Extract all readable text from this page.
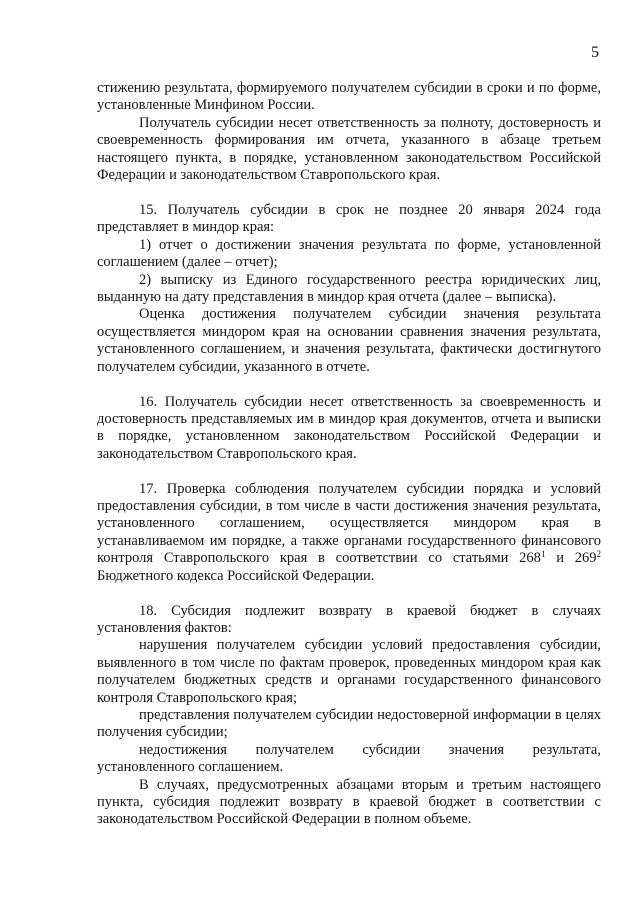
5

стижению результата, формируемого получателем субсидии в сроки и по форме, установленные Минфином России.

Получатель субсидии несет ответственность за полноту, достоверность и своевременность формирования им отчета, указанного в абзаце третьем настоящего пункта, в порядке, установленном законодательством Российской Федерации и законодательством Ставропольского края.

15. Получатель субсидии в срок не позднее 20 января 2024 года представляет в миндор края:

1) отчет о достижении значения результата по форме, установленной соглашением (далее – отчет);

2) выписку из Единого государственного реестра юридических лиц, выданную на дату представления в миндор края отчета (далее – выписка).

Оценка достижения получателем субсидии значения результата осуществляется миндором края на основании сравнения значения результата, установленного соглашением, и значения результата, фактически достигнутого получателем субсидии, указанного в отчете.

16. Получатель субсидии несет ответственность за своевременность и достоверность представляемых им в миндор края документов, отчета и выписки в порядке, установленном законодательством Российской Федерации и законодательством Ставропольского края.

17. Проверка соблюдения получателем субсидии порядка и условий предоставления субсидии, в том числе в части достижения значения результата, установленного соглашением, осуществляется миндором края в устанавливаемом им порядке, а также органами государственного финансового контроля Ставропольского края в соответствии со статьями $268^1$ и $269^2$ Бюджетного кодекса Российской Федерации.

18. Субсидия подлежит возврату в краевой бюджет в случаях установления фактов:

нарушения получателем субсидии условий предоставления субсидии, выявленного в том числе по фактам проверок, проведенных миндором края как получателем бюджетных средств и органами государственного финансового контроля Ставропольского края;

представления получателем субсидии недостоверной информации в целях получения субсидии;

недостижения получателем субсидии значения результата, установленного соглашением.

В случаях, предусмотренных абзацами вторым и третьим настоящего пункта, субсидия подлежит возврату в краевой бюджет в соответствии с законодательством Российской Федерации в полном объеме.
